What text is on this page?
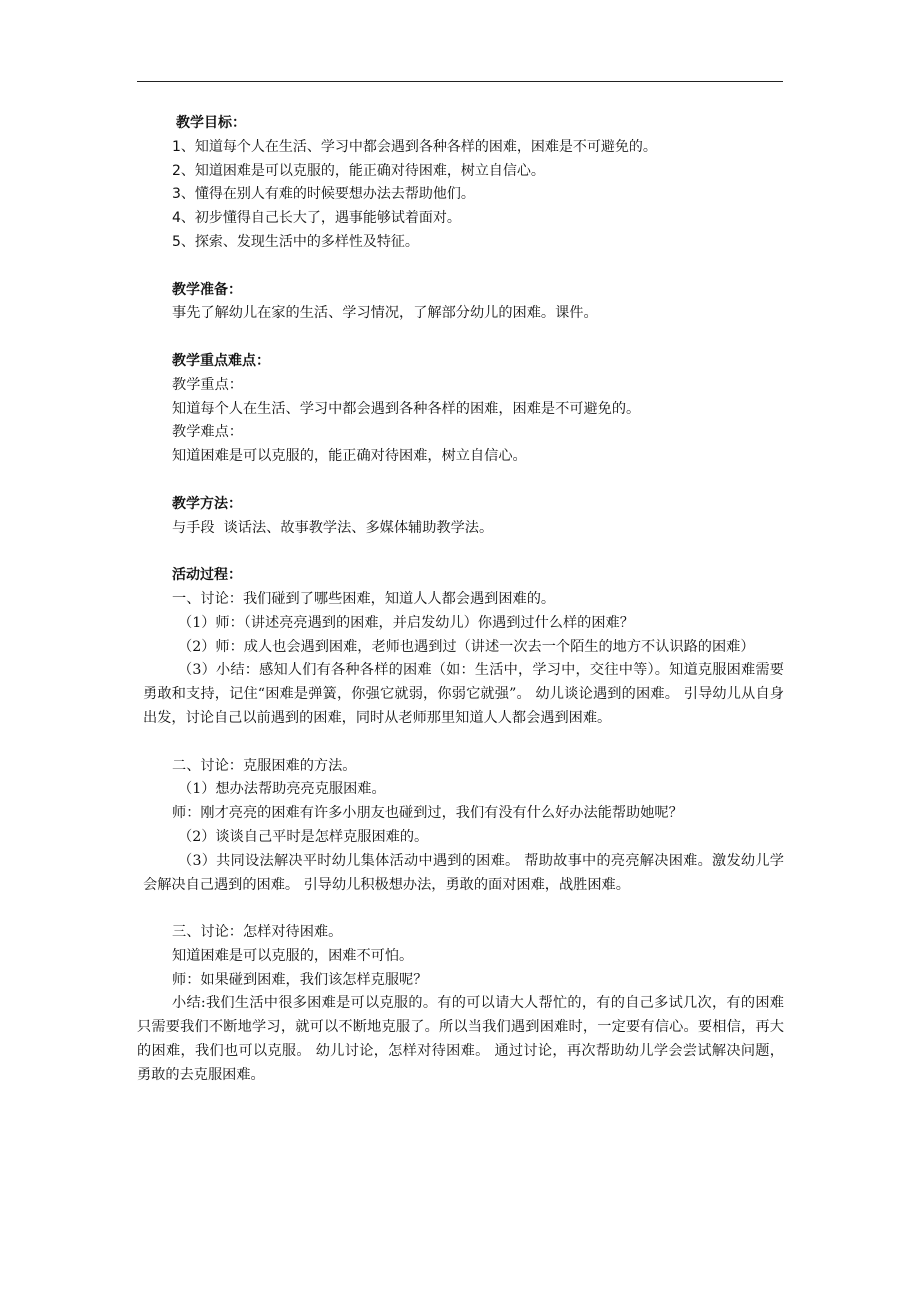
教学目标：
1、知道每个人在生活、学习中都会遇到各种各样的困难，困难是不可避免的。
2、知道困难是可以克服的，能正确对待困难，树立自信心。
3、懂得在别人有难的时候要想办法去帮助他们。
4、初步懂得自己长大了，遇事能够试着面对。
5、探索、发现生活中的多样性及特征。
教学准备：
事先了解幼儿在家的生活、学习情况，了解部分幼儿的困难。课件。
教学重点难点：
教学重点：
知道每个人在生活、学习中都会遇到各种各样的困难，困难是不可避免的。
教学难点：
知道困难是可以克服的，能正确对待困难，树立自信心。
教学方法：
与手段  谈话法、故事教学法、多媒体辅助教学法。
活动过程：
一、讨论：我们碰到了哪些困难，知道人人都会遇到困难的。
（1）师：（讲述亮亮遇到的困难，并启发幼儿）你遇到过什么样的困难？

（2）师：成人也会遇到困难，老师也遇到过（讲述一次去一个陌生的地方不认识路的困难）

（3）小结：感知人们有各种各样的困难（如：生活中，学习中，交往中等）。知道克服困难需要勇敢和支持，记住“困难是弹簧，你强它就弱，你弱它就强”。 幼儿谈论遇到的困难。 引导幼儿从自身出发，讨论自己以前遇到的困难，同时从老师那里知道人人都会遇到困难。

二、讨论：克服困难的方法。
（1）想办法帮助亮亮克服困难。
师：刚才亮亮的困难有许多小朋友也碰到过，我们有没有什么好办法能帮助她呢？
（2）谈谈自己平时是怎样克服困难的。

（3）共同设法解决平时幼儿集体活动中遇到的困难。 帮助故事中的亮亮解决困难。激发幼儿学会解决自己遇到的困难。 引导幼儿积极想办法，勇敢的面对困难，战胜困难。

三、讨论：怎样对待困难。
知道困难是可以克服的，困难不可怕。
师：如果碰到困难，我们该怎样克服呢？

小结:我们生活中很多困难是可以克服的。有的可以请大人帮忙的，有的自己多试几次，有的困难只需要我们不断地学习，就可以不断地克服了。所以当我们遇到困难时，一定要有信心。要相信，再大的困难，我们也可以克服。 幼儿讨论，怎样对待困难。 通过讨论，再次帮助幼儿学会尝试解决问题，勇敢的去克服困难。
